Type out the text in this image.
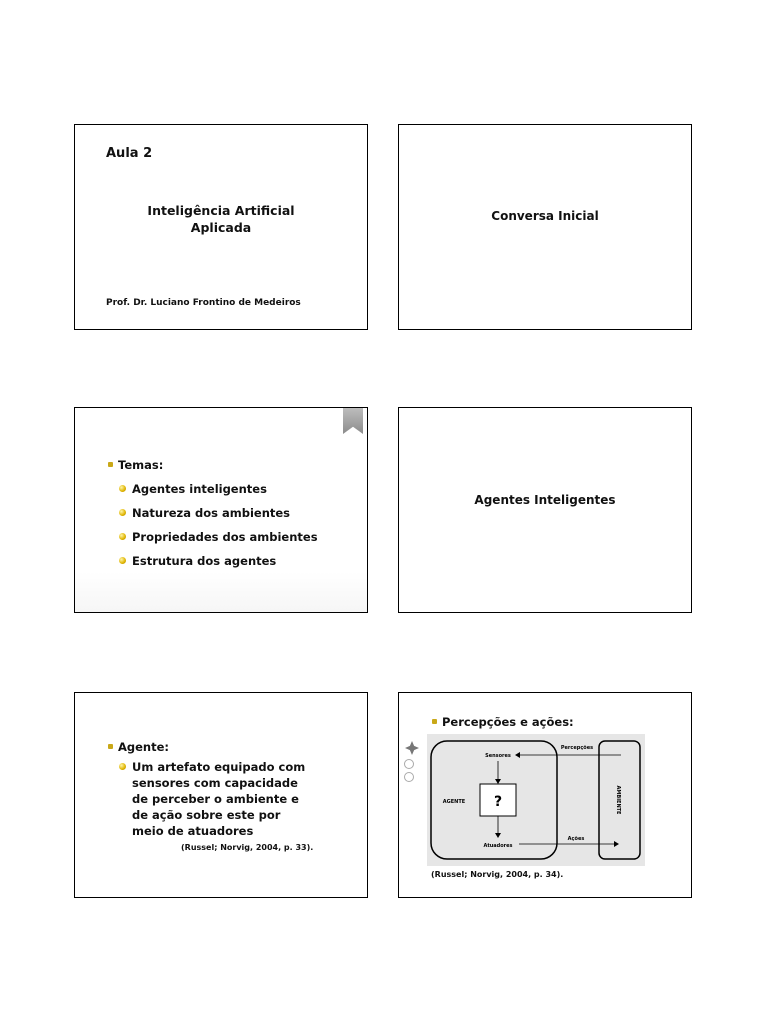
Aula 2
Inteligência Artificial
Aplicada
Prof. Dr. Luciano Frontino de Medeiros
Conversa Inicial
Temas:
Agentes inteligentes
Natureza dos ambientes
Propriedades dos ambientes
Estrutura dos agentes
Agentes Inteligentes
Agente:
Um artefato equipado com
sensores com capacidade
de perceber o ambiente e
de ação sobre este por
meio de atuadores
(Russel; Norvig, 2004, p. 33).
Percepções e ações:
Sensores
Percepções
AGENTE ?	AMBIENTE
Ações
Atuadores
(Russel; Norvig, 2004, p. 34).
